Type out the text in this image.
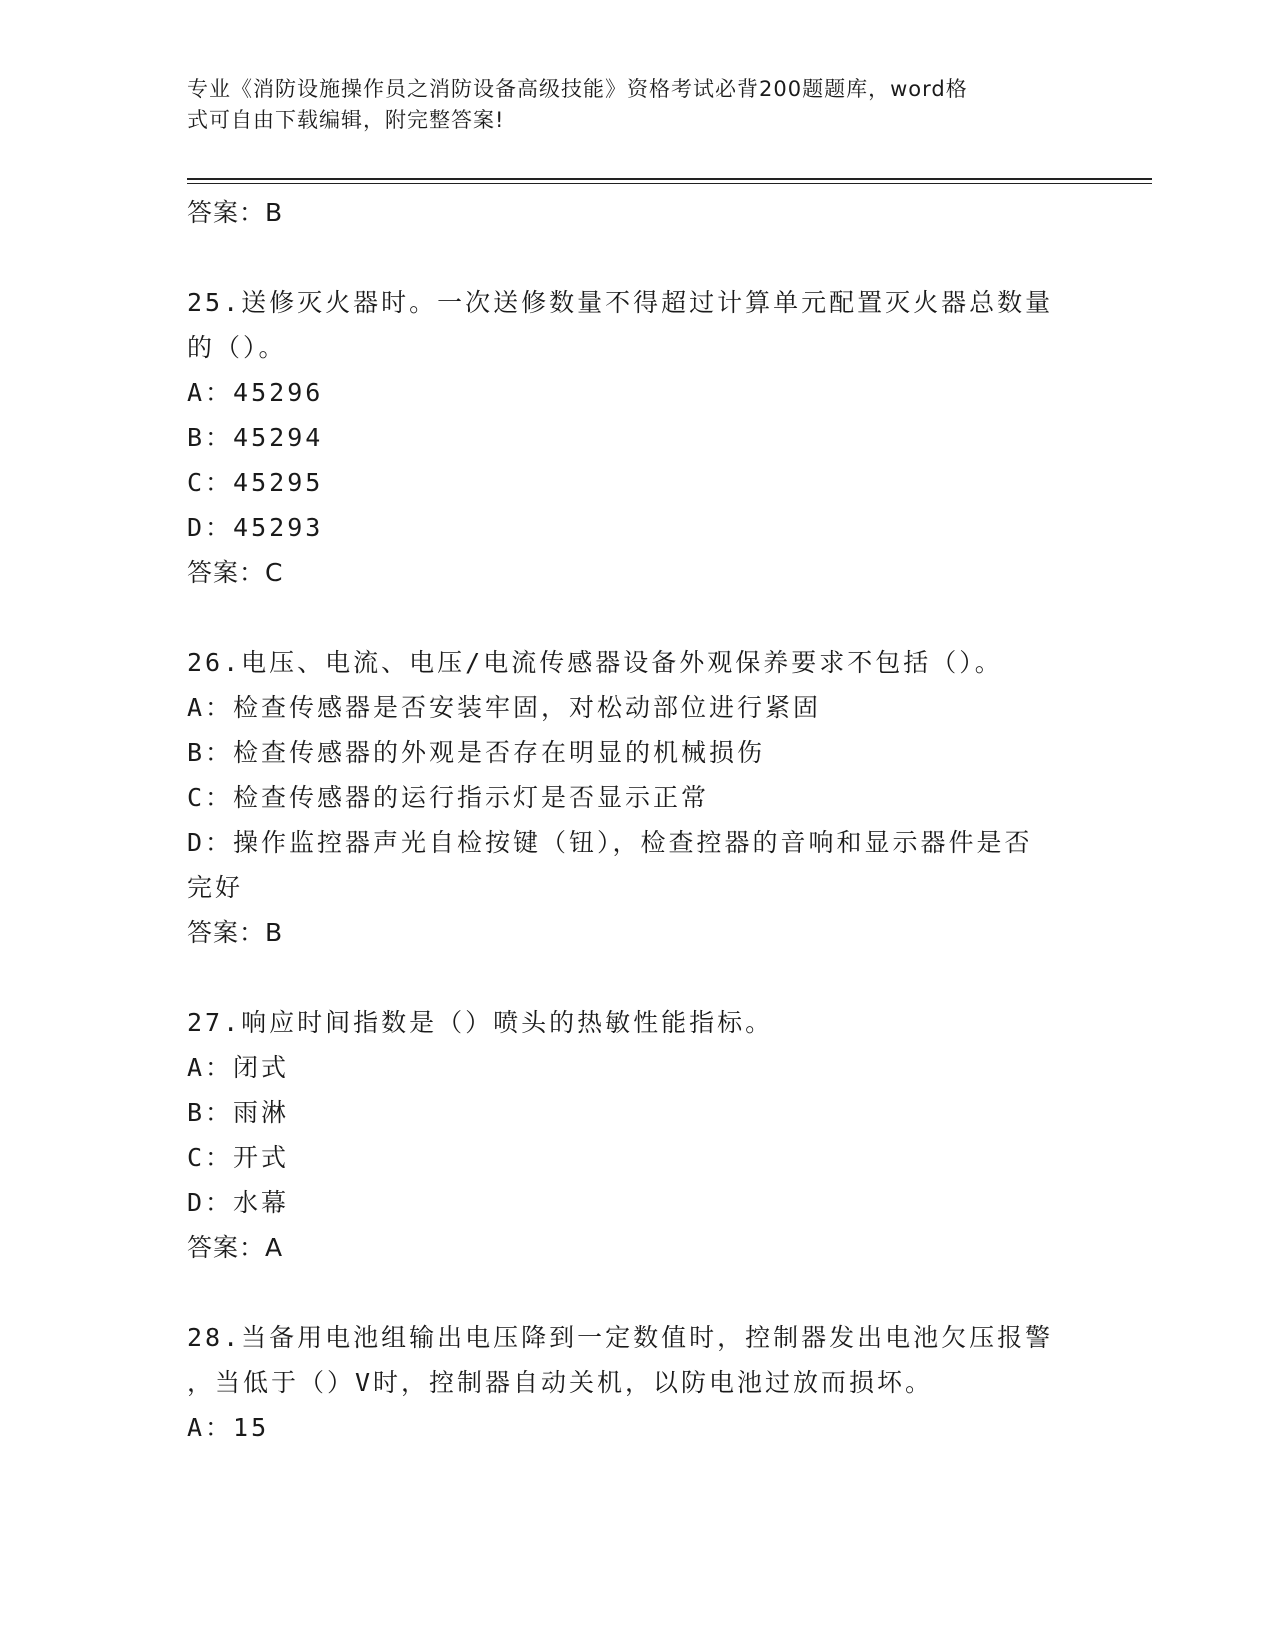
专业《消防设施操作员之消防设备高级技能》资格考试必背200题题库，word格
式可自由下载编辑，附完整答案!
答案：B
25.送修灭火器时。一次送修数量不得超过计算单元配置灭火器总数量
的（）。
A：45296
B：45294
C：45295
D：45293
答案：C
26.电压、电流、电压/电流传感器设备外观保养要求不包括（）。
A：检查传感器是否安装牢固，对松动部位进行紧固
B：检查传感器的外观是否存在明显的机械损伤
C：检查传感器的运行指示灯是否显示正常
D：操作监控器声光自检按键（钮），检查控器的音响和显示器件是否
完好
答案：B
27.响应时间指数是（）喷头的热敏性能指标。
A：闭式
B：雨淋
C：开式
D：水幕
答案：A
28.当备用电池组输出电压降到一定数值时，控制器发出电池欠压报警
，当低于（）V时，控制器自动关机，以防电池过放而损坏。
A：15
